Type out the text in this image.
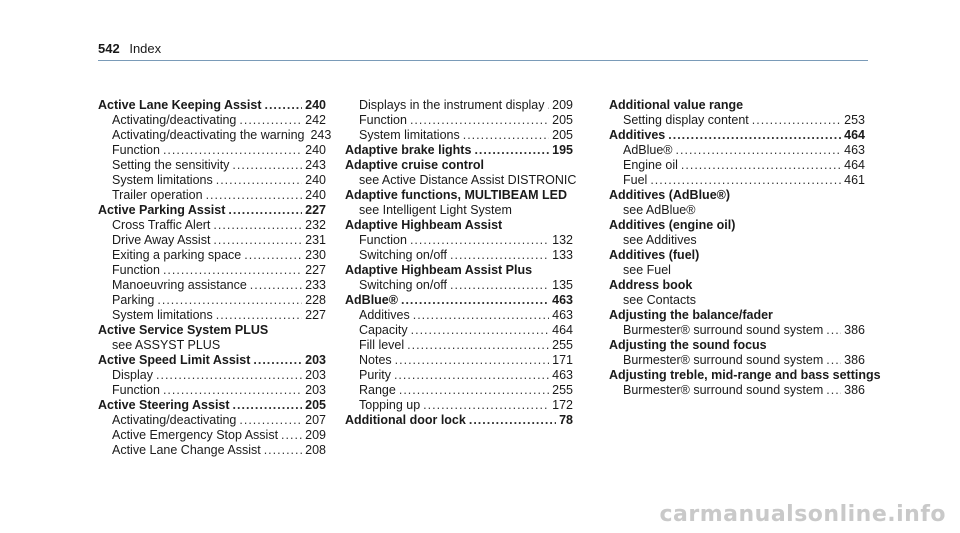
542 Index
Active Lane Keeping Assist .....	240
Activating/deactivating .....	242
Activating/deactivating the warning 243
Function .....	240
Setting the sensitivity .....	243
System limitations .....	240
Trailer operation .....	240
Active Parking Assist .....	227
Cross Traffic Alert .....	232
Drive Away Assist .....	231
Exiting a parking space .....	230
Function .....	227
Manoeuvring assistance .....	233
Parking .....	228
System limitations .....	227
Active Service System PLUS
see ASSYST PLUS
Active Speed Limit Assist .....	203
Display .....	203
Function .....	203
Active Steering Assist .....	205
Activating/deactivating .....	207
Active Emergency Stop Assist ..... 209
Active Lane Change Assist .....	208
Displays in the instrument display ..... 209
Function .....	205
System limitations .....	205
Adaptive brake lights .....	195
Adaptive cruise control
see Active Distance Assist DISTRONIC
Adaptive functions, MULTIBEAM LED
see Intelligent Light System
Adaptive Highbeam Assist
Function .....	132
Switching on/off .....	133
Adaptive Highbeam Assist Plus
Switching on/off .....	135
AdBlue® .....	463
Additives .....	463
Capacity .....	464
Fill level .....	255
Notes .....	171
Purity .....	463
Range .....	255
Topping up .....	172
Additional door lock .....	78
Additional value range
Setting display content .....	253
Additives .....	464
AdBlue® .....	463
Engine oil .....	464
Fuel .....	461
Additives (AdBlue®)
see AdBlue®
Additives (engine oil)
see Additives
Additives (fuel)
see Fuel
Address book
see Contacts
Adjusting the balance/fader
Burmester® surround sound system ..... 386
Adjusting the sound focus
Burmester® surround sound system ..... 386
Adjusting treble, mid-range and bass settings
Burmester® surround sound system ..... 386
carmanualsonline.info
